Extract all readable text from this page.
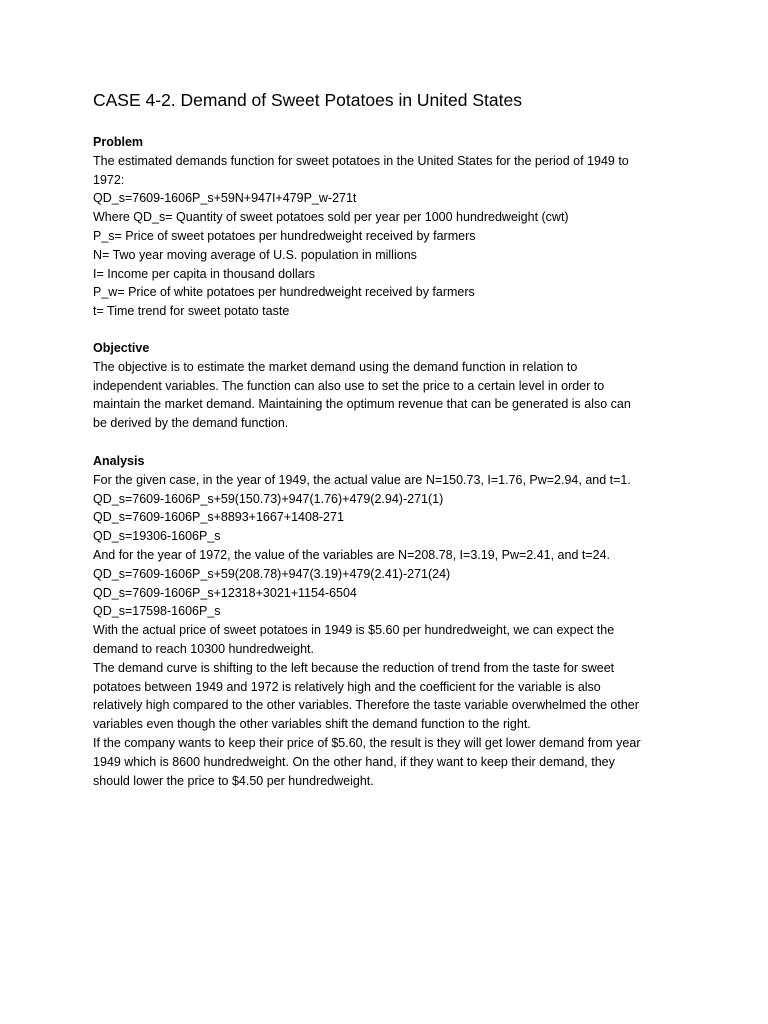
CASE 4-2. Demand of Sweet Potatoes in United States

Problem

The estimated demands function for sweet potatoes in the United States for the period of 1949 to

1972:

QD_s=7609-1606P_s+59N+947I+479P_w-271t

Where QD_s= Quantity of sweet potatoes sold per year per 1000 hundredweight (cwt)

P_s= Price of sweet potatoes per hundredweight received by farmers

N= Two year moving average of U.S. population in millions

I= Income per capita in thousand dollars

P_w= Price of white potatoes per hundredweight received by farmers

t= Time trend for sweet potato taste

Objective

The objective is to estimate the market demand using the demand function in relation to

independent variables. The function can also use to set the price to a certain level in order to

maintain the market demand. Maintaining the optimum revenue that can be generated is also can

be derived by the demand function.

Analysis

For the given case, in the year of 1949, the actual value are N=150.73, I=1.76, Pw=2.94, and t=1.

QD_s=7609-1606P_s+59(150.73)+947(1.76)+479(2.94)-271(1)

QD_s=7609-1606P_s+8893+1667+1408-271

QD_s=19306-1606P_s

And for the year of 1972, the value of the variables are N=208.78, I=3.19, Pw=2.41, and t=24.

QD_s=7609-1606P_s+59(208.78)+947(3.19)+479(2.41)-271(24)

QD_s=7609-1606P_s+12318+3021+1154-6504

QD_s=17598-1606P_s

With the actual price of sweet potatoes in 1949 is $5.60 per hundredweight, we can expect the

demand to reach 10300 hundredweight.

The demand curve is shifting to the left because the reduction of trend from the taste for sweet

potatoes between 1949 and 1972 is relatively high and the coefficient for the variable is also

relatively high compared to the other variables. Therefore the taste variable overwhelmed the other

variables even though the other variables shift the demand function to the right.

If the company wants to keep their price of $5.60, the result is they will get lower demand from year

1949 which is 8600 hundredweight. On the other hand, if they want to keep their demand, they

should lower the price to $4.50 per hundredweight.
